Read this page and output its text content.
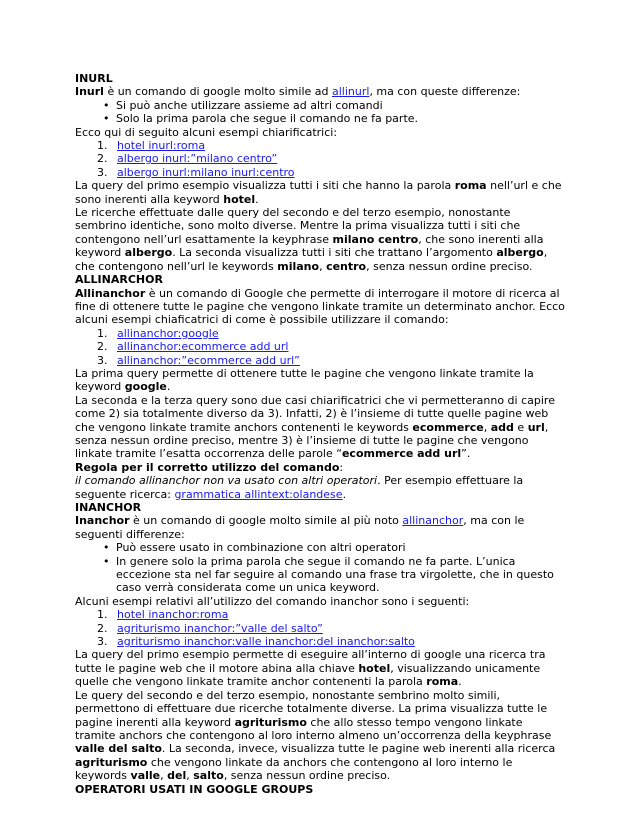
INURL

Inurl è un comando di google molto simile ad allinurl, ma con queste differenze:

• Si può anche utilizzare assieme ad altri comandi
• Solo la prima parola che segue il comando ne fa parte.

Ecco qui di seguito alcuni esempi chiarificatrici:

1. hotel inurl:roma
2. albergo inurl:”milano centro”
3. albergo inurl:milano inurl:centro

La query del primo esempio visualizza tutti i siti che hanno la parola roma nell’url e che sono inerenti alla keyword hotel.

Le ricerche effettuate dalle query del secondo e del terzo esempio, nonostante sembrino identiche, sono molto diverse. Mentre la prima visualizza tutti i siti che contengono nell’url esattamente la keyphrase milano centro, che sono inerenti alla keyword albergo. La seconda visualizza tutti i siti che trattano l’argomento albergo, che contengono nell’url le keywords milano, centro, senza nessun ordine preciso.

ALLINARCHOR

Allinanchor è un comando di Google che permette di interrogare il motore di ricerca al fine di ottenere tutte le pagine che vengono linkate tramite un determinato anchor. Ecco alcuni esempi chiaficatrici di come è possibile utilizzare il comando:

1. allinanchor:google
2. allinanchor:ecommerce add url
3. allinanchor:”ecommerce add url”

La prima query permette di ottenere tutte le pagine che vengono linkate tramite la keyword google.

La seconda e la terza query sono due casi chiarificatrici che vi permetteranno di capire come 2) sia totalmente diverso da 3). Infatti, 2) è l’insieme di tutte quelle pagine web che vengono linkate tramite anchors contenenti le keywords ecommerce, add e url, senza nessun ordine preciso, mentre 3) è l’insieme di tutte le pagine che vengono linkate tramite l’esatta occorrenza delle parole “ecommerce add url”.

Regola per il corretto utilizzo del comando:

il comando allinanchor non va usato con altri operatori. Per esempio effettuare la seguente ricerca: grammatica allintext:olandese.

INANCHOR

Inanchor è un comando di google molto simile al più noto allinanchor, ma con le seguenti differenze:

• Può essere usato in combinazione con altri operatori
• In genere solo la prima parola che segue il comando ne fa parte. L’unica eccezione sta nel far seguire al comando una frase tra virgolette, che in questo caso verrà considerata come un unica keyword.

Alcuni esempi relativi all’utilizzo del comando inanchor sono i seguenti:

1. hotel inanchor:roma
2. agriturismo inanchor:”valle del salto”
3. agriturismo inanchor:valle inanchor:del inanchor:salto

La query del primo esempio permette di eseguire all’interno di google una ricerca tra tutte le pagine web che il motore abina alla chiave hotel, visualizzando unicamente quelle che vengono linkate tramite anchor contenenti la parola roma.

Le query del secondo e del terzo esempio, nonostante sembrino molto simili, permettono di effettuare due ricerche totalmente diverse. La prima visualizza tutte le pagine inerenti alla keyword agriturismo che allo stesso tempo vengono linkate tramite anchors che contengono al loro interno almeno un’occorrenza della keyphrase valle del salto. La seconda, invece, visualizza tutte le pagine web inerenti alla ricerca agriturismo che vengono linkate da anchors che contengono al loro interno le keywords valle, del, salto, senza nessun ordine preciso.

OPERATORI USATI IN GOOGLE GROUPS
